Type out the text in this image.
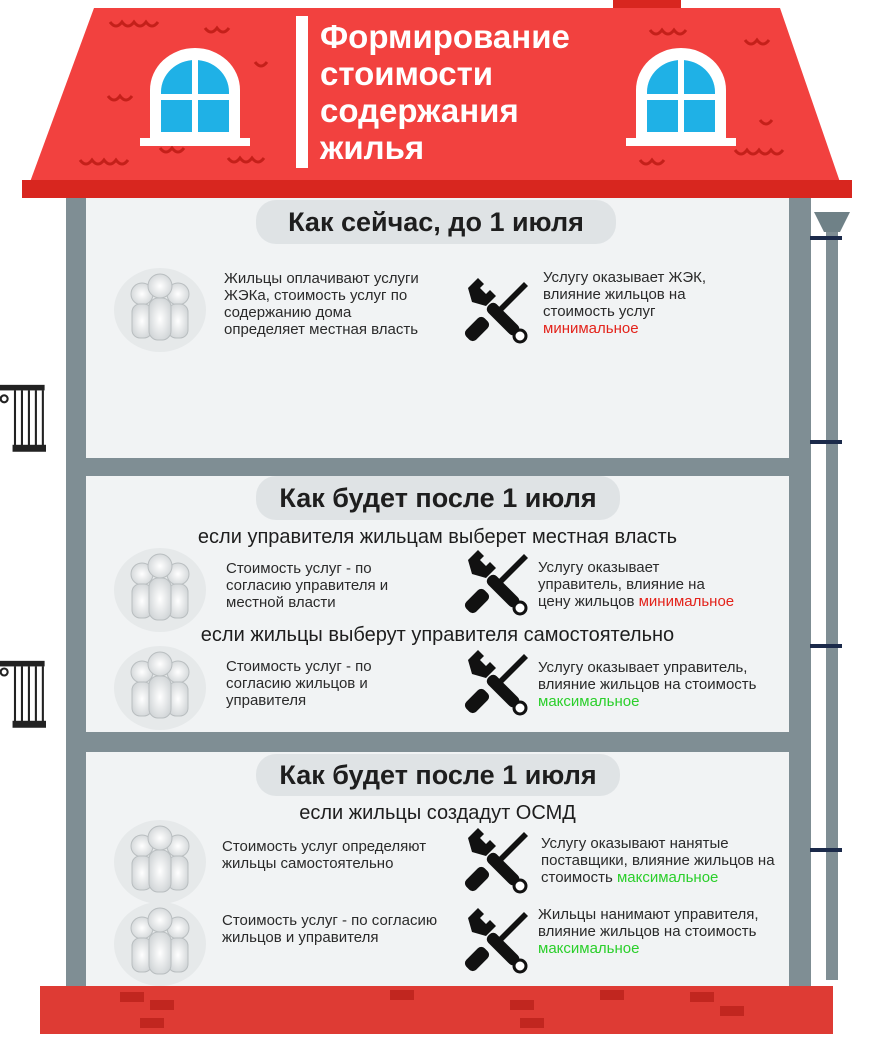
Формирование
стоимости
содержания
жилья
Как сейчас, до 1 июля
Жильцы оплачивают услуги ЖЭКа, стоимость услуг по содержанию дома определяет местная власть
Услугу оказывает ЖЭК, влияние жильцов на стоимость услуг
минимальное
Как будет после 1 июля
если управителя жильцам выберет местная власть
Стоимость услуг - по согласию управителя и местной власти
Услугу оказывает управитель, влияние на цену жильцов минимальное
если жильцы выберут управителя самостоятельно
Стоимость услуг - по согласию жильцов и управителя
Услугу оказывает управитель, влияние жильцов на стоимость
максимальное
Как будет после 1 июля
если жильцы создадут ОСМД
Стоимость услуг определяют жильцы самостоятельно
Услугу оказывают нанятые поставщики, влияние жильцов на стоимость максимальное
Стоимость услуг - по согласию жильцов и управителя
Жильцы нанимают управителя, влияние жильцов на стоимость
максимальное
